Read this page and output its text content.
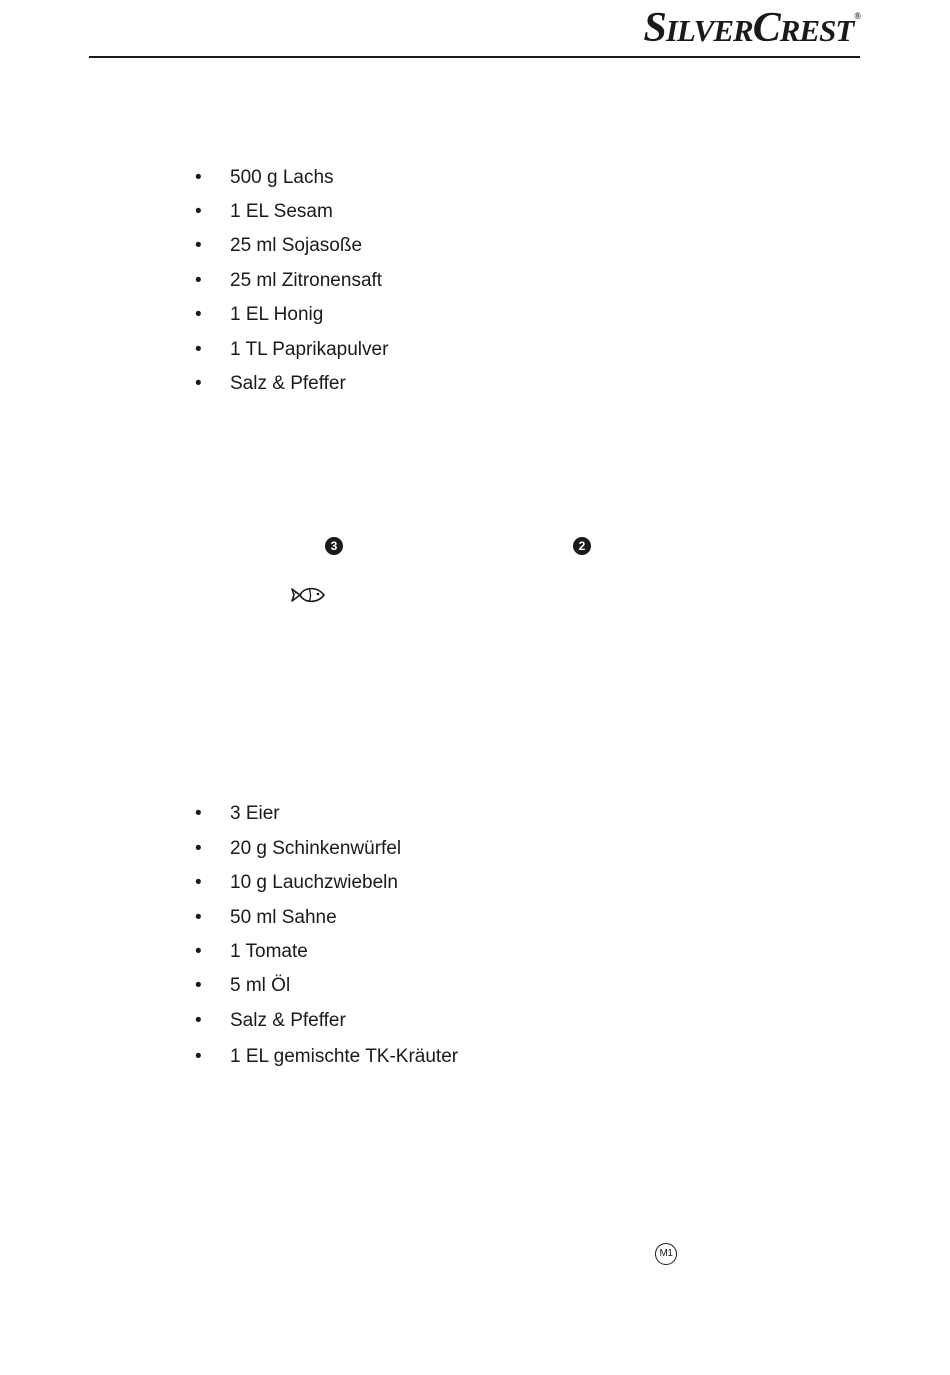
SILVERCREST®
• 500 g Lachs
• 1 EL Sesam
• 25 ml Sojasoße
• 25 ml Zitronensaft
• 1 EL Honig
• 1 TL Paprikapulver
• Salz & Pfeffer
3	2
• 3 Eier
• 20 g Schinkenwürfel
• 10 g Lauchzwiebeln
• 50 ml Sahne
• 1 Tomate
• 5 ml Öl
• Salz & Pfeffer
• 1 EL gemischte TK-Kräuter
M1
